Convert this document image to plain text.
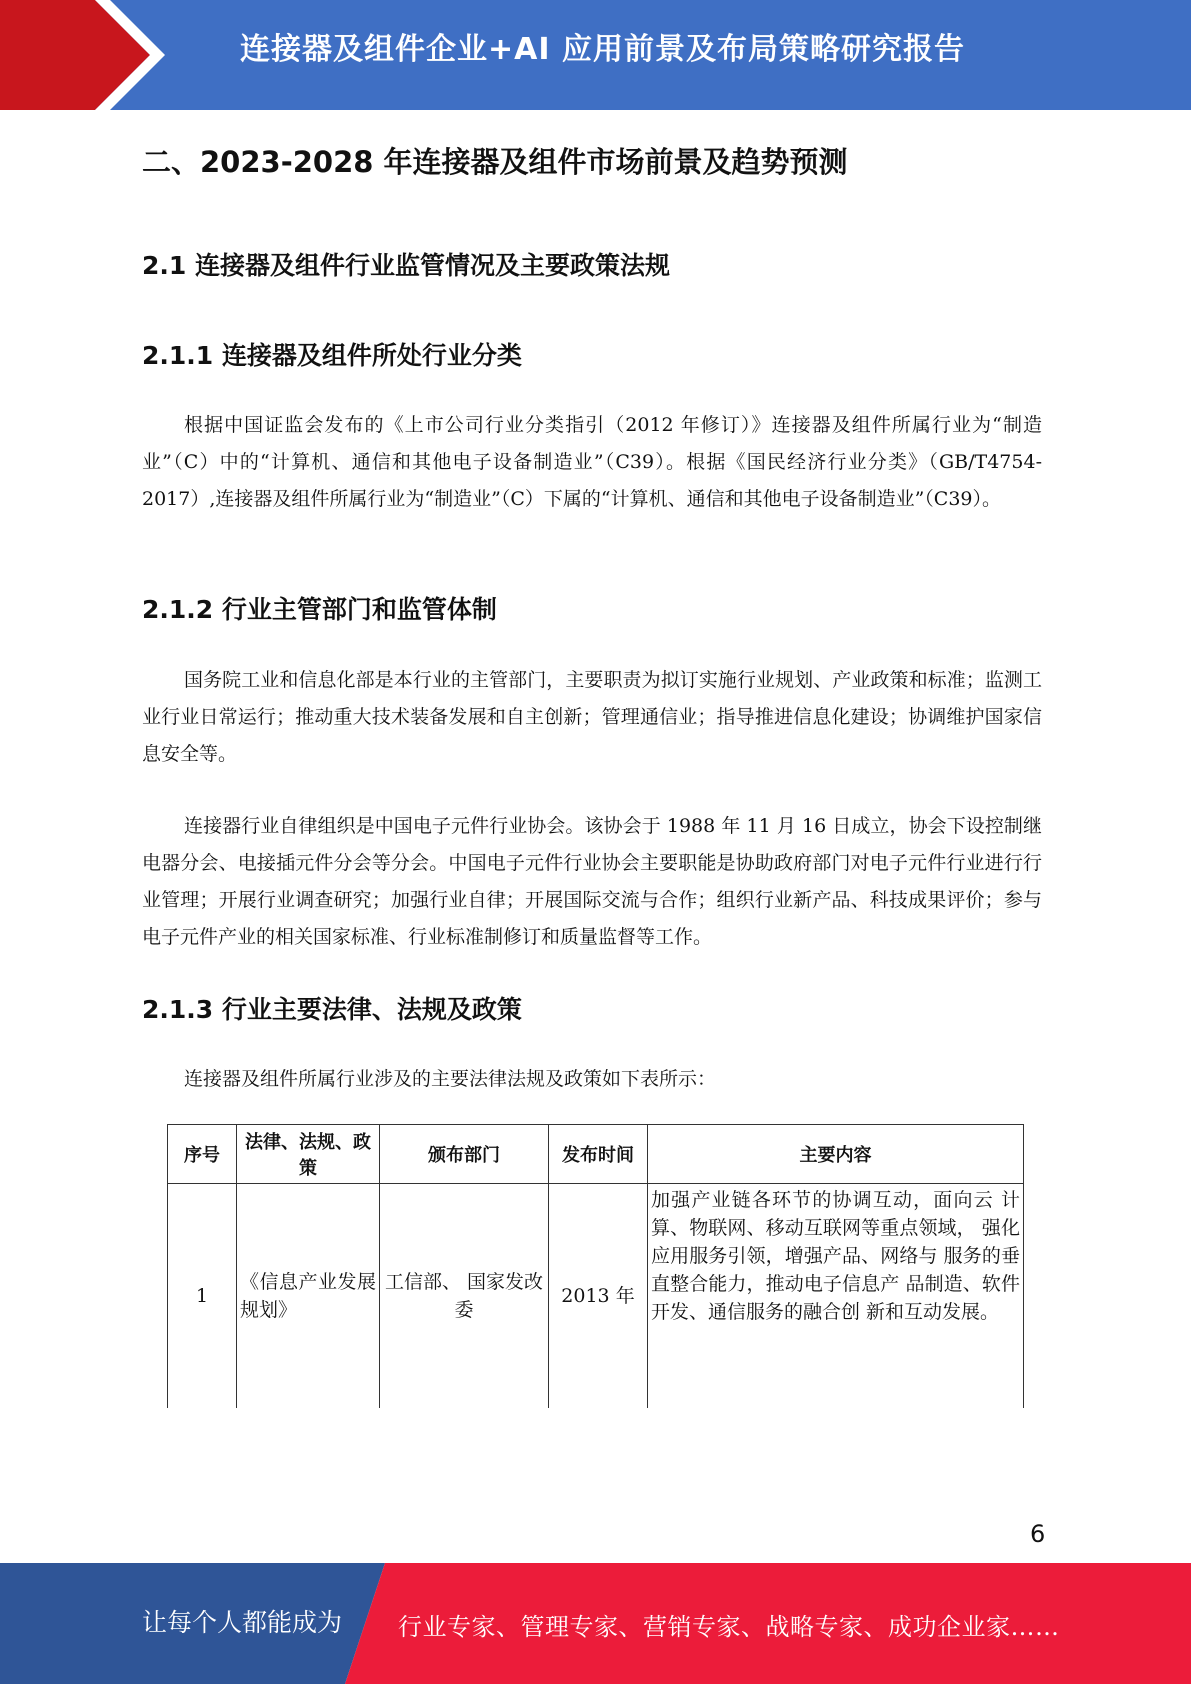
连接器及组件企业+AI 应用前景及布局策略研究报告
二、2023-2028 年连接器及组件市场前景及趋势预测
2.1 连接器及组件行业监管情况及主要政策法规
2.1.1 连接器及组件所处行业分类
根据中国证监会发布的《上市公司行业分类指引（2012 年修订）》连接器及组件所属行业为“制造业”（C）中的“计算机、通信和其他电子设备制造业”（C39）。根据《国民经济行业分类》（GB/T4754-2017）,连接器及组件所属行业为“制造业”（C）下属的“计算机、通信和其他电子设备制造业”（C39）。
2.1.2 行业主管部门和监管体制
国务院工业和信息化部是本行业的主管部门，主要职责为拟订实施行业规划、产业政策和标准；监测工业行业日常运行；推动重大技术装备发展和自主创新；管理通信业；指导推进信息化建设；协调维护国家信息安全等。
连接器行业自律组织是中国电子元件行业协会。该协会于 1988 年 11 月 16 日成立，协会下设控制继电器分会、电接插元件分会等分会。中国电子元件行业协会主要职能是协助政府部门对电子元件行业进行行业管理；开展行业调查研究；加强行业自律；开展国际交流与合作；组织行业新产品、科技成果评价；参与电子元件产业的相关国家标准、行业标准制修订和质量监督等工作。
2.1.3 行业主要法律、法规及政策
连接器及组件所属行业涉及的主要法律法规及政策如下表所示：
序号	法律、法规、政策	颁布部门	发布时间	主要内容
1	《信息产业发展规划》	工信部、 国家发改委	2013 年	加强产业链各环节的协调互动，面向云 计算、物联网、移动互联网等重点领域， 强化应用服务引领，增强产品、网络与 服务的垂直整合能力，推动电子信息产 品制造、软件开发、通信服务的融合创 新和互动发展。
6
让每个人都能成为 行业专家、管理专家、营销专家、战略专家、成功企业家……
